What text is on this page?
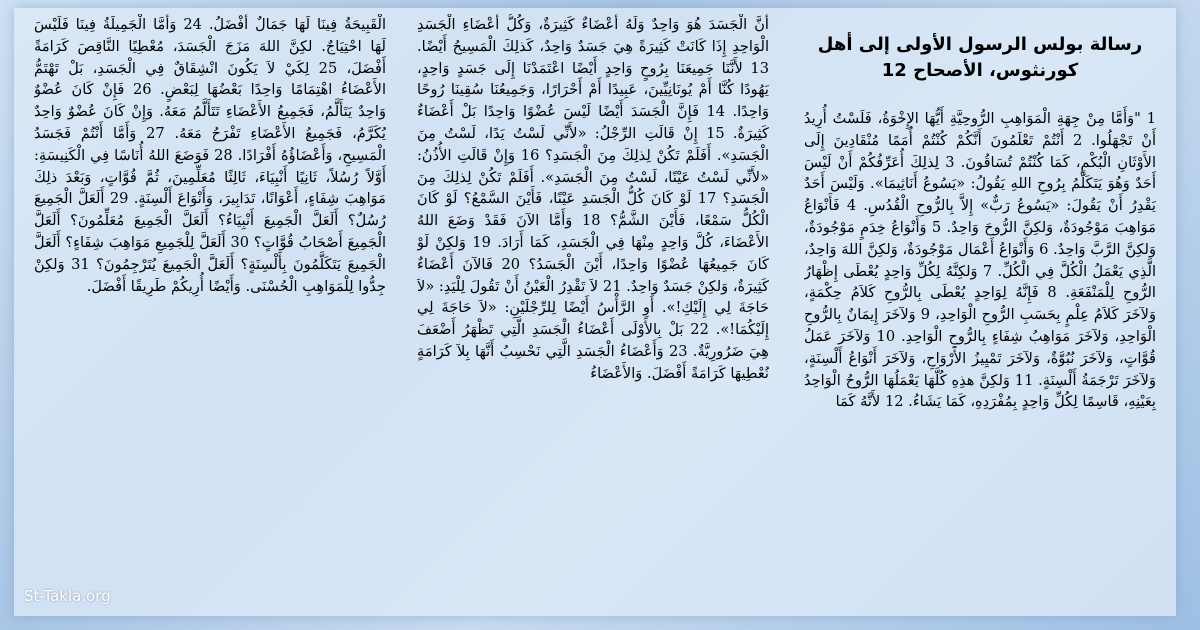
رسالة بولس الرسول الأولى إلى أهل كورنثوس، الأصحاح 12

1 "وَأَمَّا مِنْ جِهَةِ الْمَوَاهِبِ الرُّوحِيَّةِ أَيُّهَا الإِخْوَةُ، فَلَسْتُ أُرِيدُ أَنْ تَجْهَلُوا. 2 أَنْتُمْ تَعْلَمُونَ أَنَّكُمْ كُنْتُمْ أُمَمًا مُنْقَادِينَ إِلَى الأَوْثَانِ الْبُكْمِ، كَمَا كُنْتُمْ تُسَاقُونَ. 3 لِذلِكَ أُعَرِّفُكُمْ أَنْ لَيْسَ أَحَدٌ وَهُوَ يَتَكَلَّمُ بِرُوحِ اللهِ يَقُولُ: «يَسُوعُ أَنَاثِيمَا». وَلَيْسَ أَحَدٌ يَقْدِرُ أَنْ يَقُولَ: «يَسُوعُ رَبٌّ» إِلاَّ بِالرُّوحِ الْقُدُسِ. 4 فَأَنْوَاعُ مَوَاهِبَ مَوْجُودَةٌ، وَلكِنَّ الرُّوحَ وَاحِدٌ. 5 وَأَنْوَاعُ خِدَمٍ مَوْجُودَةٌ، وَلكِنَّ الرَّبَّ وَاحِدٌ. 6 وَأَنْوَاعُ أَعْمَال مَوْجُودَةٌ، وَلكِنَّ اللهَ وَاحِدٌ، الَّذِي يَعْمَلُ الْكُلَّ فِي الْكُلِّ. 7 وَلكِنَّهُ لِكُلِّ وَاحِدٍ يُعْطَى إِظْهَارُ الرُّوحِ لِلْمَنْفَعَةِ. 8 فَإِنَّهُ لِوَاحِدٍ يُعْطَى بِالرُّوحِ كَلاَمُ حِكْمَةٍ، وَلآخَرَ كَلاَمُ عِلْمٍ بِحَسَبِ الرُّوحِ الْوَاحِدِ، 9 وَلآخَرَ إِيمَانٌ بِالرُّوحِ الْوَاحِدِ، وَلآخَرَ مَوَاهِبُ شِفَاءٍ بِالرُّوحِ الْوَاحِدِ. 10 وَلآخَرَ عَمَلُ قُوَّاتٍ، وَلآخَرَ نُبُوَّةٌ، وَلآخَرَ تَمْيِيزُ الأَرْوَاحِ، وَلآخَرَ أَنْوَاعُ أَلْسِنَةٍ، وَلآخَرَ تَرْجَمَةُ أَلْسِنَةٍ. 11 وَلكِنَّ هذِهِ كُلَّهَا يَعْمَلُهَا الرُّوحُ الْوَاحِدُ بِعَيْنِهِ، قَاسِمًا لِكُلِّ وَاحِدٍ بِمُفْرَدِهِ، كَمَا يَشَاءُ. 12 لأَنَّهُ كَمَا

أَنَّ الْجَسَدَ هُوَ وَاحِدٌ وَلَهُ أَعْضَاءٌ كَثِيرَةٌ، وَكُلُّ أَعْضَاءِ الْجَسَدِ الْوَاحِدِ إِذَا كَانَتْ كَثِيرَةً هِيَ جَسَدٌ وَاحِدٌ، كَذلِكَ الْمَسِيحُ أَيْضًا. 13 لأَنَّنَا جَمِيعَنَا بِرُوحٍ وَاحِدٍ أَيْضًا اعْتَمَدْنَا إِلَى جَسَدٍ وَاحِدٍ، يَهُودًا كُنَّا أَمْ يُونَانِيِّينَ، عَبِيدًا أَمْ أَحْرَارًا، وَجَمِيعُنَا سُقِينَا رُوحًا وَاحِدًا. 14 فَإِنَّ الْجَسَدَ أَيْضًا لَيْسَ عُضْوًا وَاحِدًا بَلْ أَعْضَاءٌ كَثِيرَةٌ. 15 إِنْ قَالَتِ الرِّجْلُ: «لأَنِّي لَسْتُ يَدًا، لَسْتُ مِنَ الْجَسَدِ». أَفَلَمْ تَكُنْ لِذلِكَ مِنَ الْجَسَدِ؟ 16 وَإِنْ قَالَتِ الأُذُنُ: «لأَنِّي لَسْتُ عَيْنًا، لَسْتُ مِنَ الْجَسَدِ». أَفَلَمْ تَكُنْ لِذلِكَ مِنَ الْجَسَدِ؟ 17 لَوْ كَانَ كُلُّ الْجَسَدِ عَيْنًا، فَأَيْنَ السَّمْعُ؟ لَوْ كَانَ الْكُلُّ سَمْعًا، فَأَيْنَ الشَّمُّ؟ 18 وَأَمَّا الآنَ فَقَدْ وَضَعَ اللهُ الأَعْضَاءَ، كُلَّ وَاحِدٍ مِنْهَا فِي الْجَسَدِ، كَمَا أَرَادَ. 19 وَلكِنْ لَوْ كَانَ جَمِيعُهَا عُضْوًا وَاحِدًا، أَيْنَ الْجَسَدُ؟ 20 فَالآنَ أَعْضَاءٌ كَثِيرَةٌ، وَلكِنْ جَسَدٌ وَاحِدٌ. 21 لاَ تَقْدِرُ الْعَيْنُ أَنْ تَقُولَ لِلْيَدِ: «لاَ حَاجَةَ لِي إِلَيْكِ!». أَوِ الرَّأْسُ أَيْضًا لِلرِّجْلَيْنِ: «لاَ حَاجَةَ لِي إِلَيْكُمَا!». 22 بَلْ بِالأَوْلَى أَعْضَاءُ الْجَسَدِ الَّتِي تَظْهَرُ أَضْعَفَ هِيَ ضَرُورِيَّةٌ. 23 وَأَعْضَاءُ الْجَسَدِ الَّتِي نَحْسِبُ أَنَّهَا بِلاَ كَرَامَةٍ نُعْطِيهَا كَرَامَةً أَفْضَلَ. وَالأَعْضَاءُ

الْقَبِيحَةُ فِينَا لَهَا جَمَالٌ أَفْضَلُ. 24 وَأَمَّا الْجَمِيلَةُ فِينَا فَلَيْسَ لَهَا احْتِيَاجٌ. لكِنَّ اللهَ مَزَجَ الْجَسَدَ، مُعْطِيًا النَّاقِصَ كَرَامَةً أَفْضَلَ، 25 لِكَيْ لاَ يَكُونَ انْشِقَاقٌ فِي الْجَسَدِ، بَلْ تَهْتَمُّ الأَعْضَاءُ اهْتِمَامًا وَاحِدًا بَعْضُهَا لِبَعْضٍ. 26 فَإِنْ كَانَ عُضْوٌ وَاحِدٌ يَتَأَلَّمُ، فَجَمِيعُ الأَعْضَاءِ تَتَأَلَّمُ مَعَهُ. وَإِنْ كَانَ عُضْوٌ وَاحِدٌ يُكَرَّمُ، فَجَمِيعُ الأَعْضَاءِ تَفْرَحُ مَعَهُ. 27 وَأَمَّا أَنْتُمْ فَجَسَدُ الْمَسِيحِ، وَأَعْضَاؤُهُ أَفْرَادًا. 28 فَوَضَعَ اللهُ أُنَاسًا فِي الْكَنِيسَةِ: أَوَّلاً رُسُلاً، ثَانِيًا أَنْبِيَاءَ، ثَالِثًا مُعَلِّمِينَ، ثُمَّ قُوَّاتٍ، وَبَعْدَ ذلِكَ مَوَاهِبَ شِفَاءٍ، أَعْوَانًا، تَدَابِيرَ، وَأَنْوَاعَ أَلْسِنَةٍ. 29 أَلَعَلَّ الْجَمِيعَ رُسُلٌ؟ أَلَعَلَّ الْجَمِيعَ أَنْبِيَاءُ؟ أَلَعَلَّ الْجَمِيعَ مُعَلِّمُونَ؟ أَلَعَلَّ الْجَمِيعَ أَصْحَابُ قُوَّاتٍ؟ 30 أَلَعَلَّ لِلْجَمِيعِ مَوَاهِبَ شِفَاءٍ؟ أَلَعَلَّ الْجَمِيعَ يَتَكَلَّمُونَ بِأَلْسِنَةٍ؟ أَلَعَلَّ الْجَمِيعَ يُتَرْجِمُونَ؟ 31 وَلكِنْ جِدُّوا لِلْمَوَاهِبِ الْحُسْنَى. وَأَيْضًا أُرِيكُمْ طَرِيقًا أَفْضَلَ.

St-Takla.org
